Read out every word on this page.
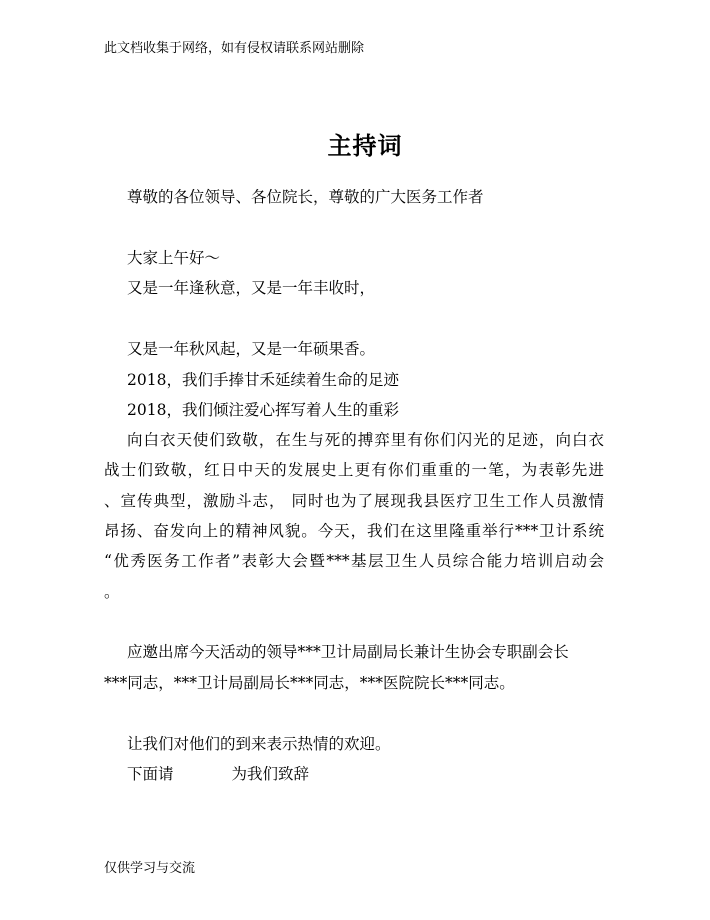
此文档收集于网络，如有侵权请联系网站删除
主持词
尊敬的各位领导、各位院长，尊敬的广大医务工作者
大家上午好～
又是一年逢秋意，又是一年丰收时，
又是一年秋风起，又是一年硕果香。
2018，我们手捧甘禾延续着生命的足迹
2018，我们倾注爱心挥写着人生的重彩
向白衣天使们致敬，在生与死的搏弈里有你们闪光的足迹，向白衣
战士们致敬，红日中天的发展史上更有你们重重的一笔，为表彰先进
、宣传典型，激励斗志， 同时也为了展现我县医疗卫生工作人员激情
昂扬、奋发向上的精神风貌。今天，我们在这里隆重举行***卫计系统
“优秀医务工作者”表彰大会暨***基层卫生人员综合能力培训启动会
。
应邀出席今天活动的领导***卫计局副局长兼计生协会专职副会长
***同志，***卫计局副局长***同志，***医院院长***同志。
让我们对他们的到来表示热情的欢迎。
下面请	为我们致辞
仅供学习与交流
